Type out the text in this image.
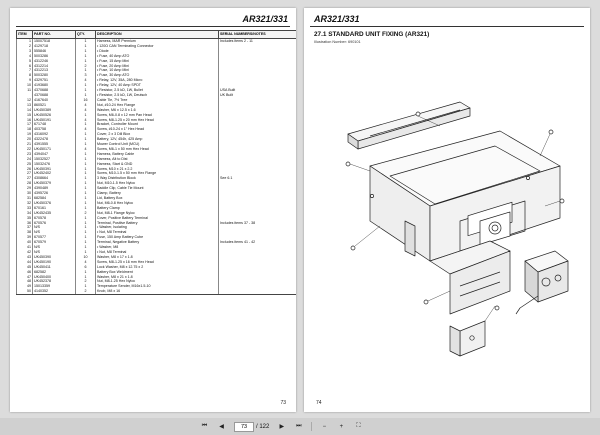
AR321/331
ITEM	PART NO.	QTY.	DESCRIPTION	SERIAL NUMBERS/NOTES
1	15007518	1	Harness, MAR Premium	Includes items 2 - 11
2	4129718	1	• 120Ω CAN Terminating Connector	
3	555846	1	• Diode	
4	5003286	1	• Fuse, 40 Amp ATO	
5	4312246	1	• Fuse, 15 Amp Mini	
6	4312214	2	• Fuse, 20 Amp Mini	
7	4312213	1	• Fuse, 10 Amp Mini	
8	5003280	3	• Fuse, 30 Amp ATO	
9	4329751	4	• Relay, 12V, 35A, 280 Micro	
10	4193680	1	• Relay, 12V, 40 Amp SPDT	
11	4370688	1	• Resistor, 2.5 kΩ, 1W, Bullet	USA Built
	4370688	1	• Resistor, 2.5 kΩ, 1W, Deutsch	UK Built
12	4167640	16	Cable Tie, 7½ Tree	
13	860521	4	Nut, #10-24 Hex Flange	
14	UK450389	4	Washer, M6 x 12.5 x 1.6	
15	UK450526	1	Screw, M6-0.8 x 12 mm Pan Head	
16	UK450191	4	Screw, M8-1.25 x 20 mm Hex Head	
17	671748	1	Bracket, Controller Mount	
18	403758	4	Screw, #10-24 x 1" Hex Head	
19	4316092	1	Cover, 2 x 3 Dill Blox	
20	4322478	1	Battery, 12V, 454h, 425 Amp	
21	4391555	1	Mower Control Unit (MCU)	
22	UK450171	4	Screw, M6-1 x 50 mm Hex Head	
23	4394047	1	Harness, Battery Cable	
24	15032527	1	Harness, Alt to Dist	
25	15032476	1	Harness, Start & GND	
26	UK450391	1	Screw, M10 x 21 x 2.2	
27	UK452402	1	Screw, M10-1.5 x 50 mm Hex Flange	
27	4308664	1	3 Way Distribution Block	See 6.1
28	UK450379	1	Nut, M10-1.5 Hex Nyloc	
29	4390489	1	Saddle Clip, Cable Tie Mount	
30	4395726	1	Clamp, Battery	
31	682584	1	Lid, Battery Box	
32	UK450376	1	Nut, M6-0.8 Hex Nyloc	
33	670161	1	Battery Clamp	
34	UK452435	2	Nut, M8-1 Flange Nyloc	
35	670578	1	Cover, Positive Battery Terminal	
36	670576	1	Terminal, Positive Battery	Includes items 37 - 38
37	N/S	1	• Washer, Isolating	
38	N/S	1	• Nut, M8 Terminal	
39	670577	1	Fuse, 150 Amp Battery Cube	
40	670579	1	Terminal, Negative Battery	Includes items 41 - 42
41	N/S	1	• Washer, M8	
42	N/S	1	• Nut, M8 Terminal	
43	UK450390	10	Washer, M8 x 17 x 1.8	
44	UK450190	4	Screw, M8-1.25 x 16 mm Hex Head	
45	UK450411	6	Lock Washer, M8 x 12.75 x 2	
46	682582	1	Battery Box Weldment	
47	UK450400	1	Washer, M8 x 21 x 1.8	
48	UK452378	2	Nut, M8-1.25 Hex Nyloc	
49	15013359	1	Temperature Sender, M16x1.5-10	
50	4140352	2	Knob, M8 x 16	
73
AR321/331
27.1 STANDARD UNIT FIXING (AR321)
Illustration Number: 690101
74
⏮	◀
73	/ 122	▶	⏭	−	+	⛶
